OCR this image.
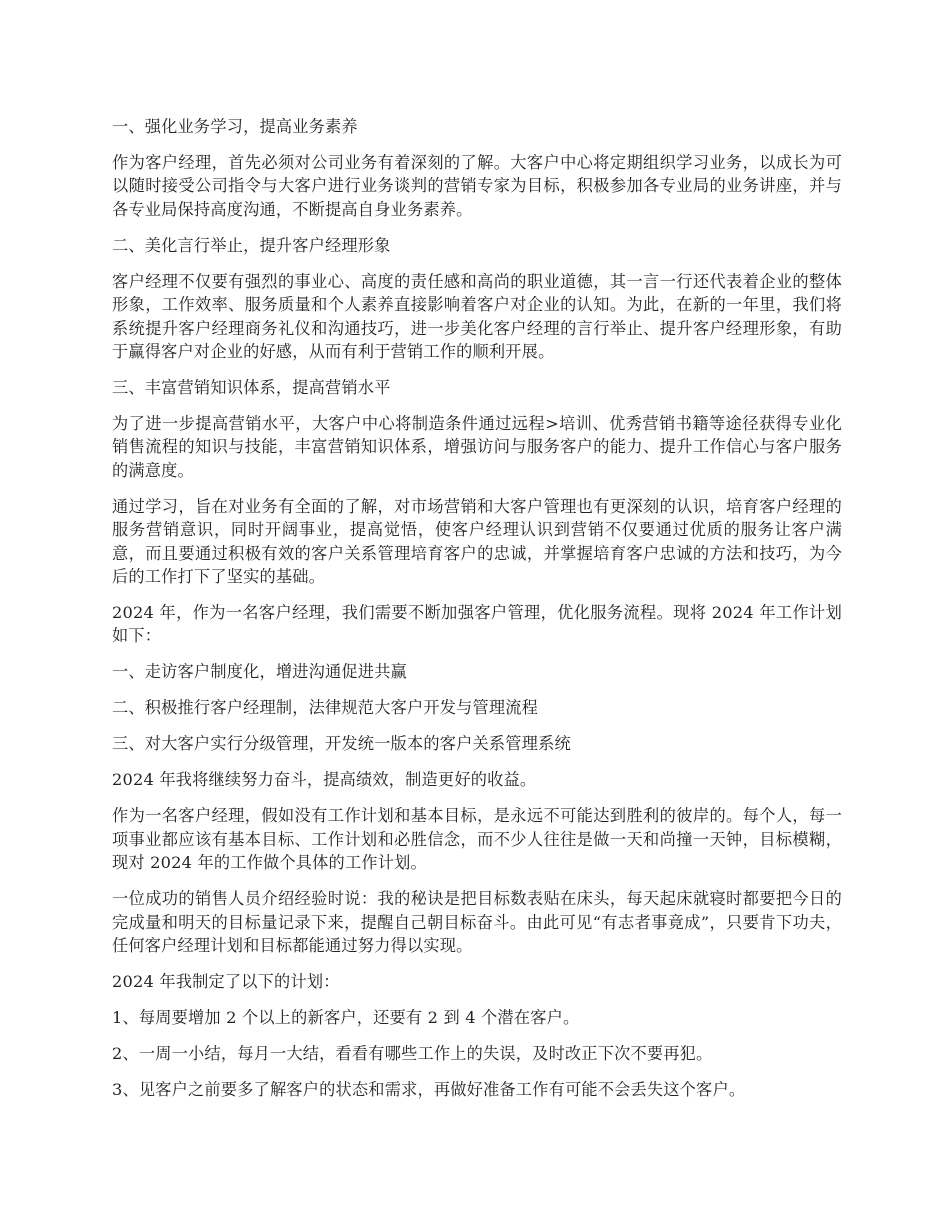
一、强化业务学习，提高业务素养

作为客户经理，首先必须对公司业务有着深刻的了解。大客户中心将定期组织学习业务，以成长为可以随时接受公司指令与大客户进行业务谈判的营销专家为目标，积极参加各专业局的业务讲座，并与各专业局保持高度沟通，不断提高自身业务素养。

二、美化言行举止，提升客户经理形象

客户经理不仅要有强烈的事业心、高度的责任感和高尚的职业道德，其一言一行还代表着企业的整体形象，工作效率、服务质量和个人素养直接影响着客户对企业的认知。为此，在新的一年里，我们将系统提升客户经理商务礼仪和沟通技巧，进一步美化客户经理的言行举止、提升客户经理形象，有助于赢得客户对企业的好感，从而有利于营销工作的顺利开展。

三、丰富营销知识体系，提高营销水平

为了进一步提高营销水平，大客户中心将制造条件通过远程>培训、优秀营销书籍等途径获得专业化销售流程的知识与技能，丰富营销知识体系，增强访问与服务客户的能力、提升工作信心与客户服务的满意度。

通过学习，旨在对业务有全面的了解，对市场营销和大客户管理也有更深刻的认识，培育客户经理的服务营销意识，同时开阔事业，提高觉悟，使客户经理认识到营销不仅要通过优质的服务让客户满意，而且要通过积极有效的客户关系管理培育客户的忠诚，并掌握培育客户忠诚的方法和技巧，为今后的工作打下了坚实的基础。

2024 年，作为一名客户经理，我们需要不断加强客户管理，优化服务流程。现将 2024 年工作计划如下：

一、走访客户制度化，增进沟通促进共赢

二、积极推行客户经理制，法律规范大客户开发与管理流程

三、对大客户实行分级管理，开发统一版本的客户关系管理系统

2024 年我将继续努力奋斗，提高绩效，制造更好的收益。

作为一名客户经理，假如没有工作计划和基本目标，是永远不可能达到胜利的彼岸的。每个人，每一项事业都应该有基本目标、工作计划和必胜信念，而不少人往往是做一天和尚撞一天钟，目标模糊，现对 2024 年的工作做个具体的工作计划。

一位成功的销售人员介绍经验时说：我的秘诀是把目标数表贴在床头，每天起床就寝时都要把今日的完成量和明天的目标量记录下来，提醒自己朝目标奋斗。由此可见“有志者事竟成”，只要肯下功夫，任何客户经理计划和目标都能通过努力得以实现。

2024 年我制定了以下的计划：

1、每周要增加 2 个以上的新客户，还要有 2 到 4 个潜在客户。

2、一周一小结，每月一大结，看看有哪些工作上的失误，及时改正下次不要再犯。

3、见客户之前要多了解客户的状态和需求，再做好准备工作有可能不会丢失这个客户。
